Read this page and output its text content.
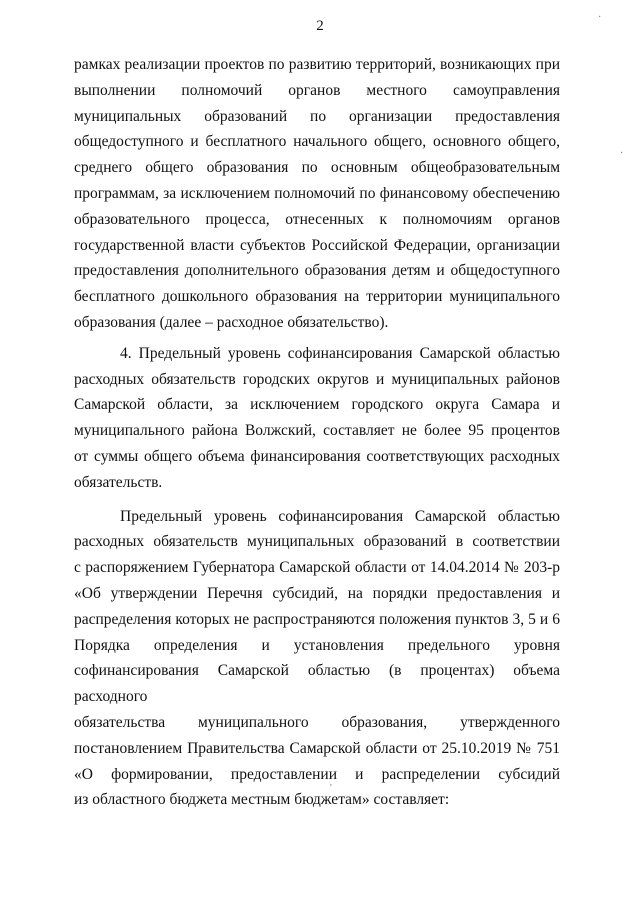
2

рамках реализации проектов по развитию территорий, возникающих при

выполнении полномочий органов местного самоуправления

муниципальных образований по организации предоставления

общедоступного и бесплатного начального общего, основного общего,

среднего общего образования по основным общеобразовательным

программам, за исключением полномочий по финансовому обеспечению

образовательного процесса, отнесенных к полномочиям органов

государственной власти субъектов Российской Федерации, организации

предоставления дополнительного образования детям и общедоступного

бесплатного дошкольного образования на территории муниципального

образования (далее – расходное обязательство).

4. Предельный уровень софинансирования Самарской областью

расходных обязательств городских округов и муниципальных районов

Самарской области, за исключением городского округа Самара и

муниципального района Волжский, составляет не более 95 процентов

от суммы общего объема финансирования соответствующих расходных

обязательств.

Предельный уровень софинансирования Самарской областью

расходных обязательств муниципальных образований в соответствии

с распоряжением Губернатора Самарской области от 14.04.2014 № 203-р

«Об утверждении Перечня субсидий, на порядки предоставления и

распределения которых не распространяются положения пунктов 3, 5 и 6

Порядка определения и установления предельного уровня

софинансирования Самарской областью (в процентах) объема расходного

обязательства муниципального образования, утвержденного

постановлением Правительства Самарской области от 25.10.2019 № 751

«О формировании, предоставлении и распределении субсидий

из областного бюджета местным бюджетам» составляет:

·
·
'
